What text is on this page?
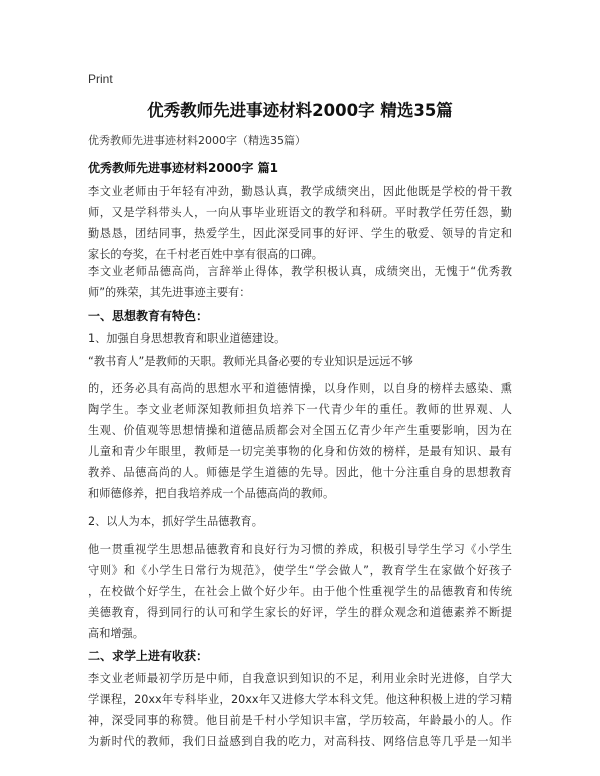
Print
优秀教师先进事迹材料2000字 精选35篇
优秀教师先进事迹材料2000字（精选35篇）
优秀教师先进事迹材料2000字 篇1
李文业老师由于年轻有冲劲，勤恳认真，教学成绩突出，因此他既是学校的骨干教
师，又是学科带头人，一向从事毕业班语文的教学和科研。平时教学任劳任怨，勤
勤恳恳，团结同事，热爱学生，因此深受同事的好评、学生的敬爱、领导的肯定和
家长的夸奖，在千村老百姓中享有很高的口碑。
李文业老师品德高尚，言辞举止得体，教学积极认真，成绩突出，无愧于“优秀教
师”的殊荣，其先进事迹主要有：
一、思想教育有特色：
1、加强自身思想教育和职业道德建设。
“教书育人”是教师的天职。教师光具备必要的专业知识是远远不够
的，还务必具有高尚的思想水平和道德情操，以身作则，以自身的榜样去感染、熏
陶学生。李文业老师深知教师担负培养下一代青少年的重任。教师的世界观、人
生观、价值观等思想情操和道德品质都会对全国五亿青少年产生重要影响，因为在
儿童和青少年眼里，教师是一切完美事物的化身和仿效的榜样，是最有知识、最有
教养、品德高尚的人。师德是学生道德的先导。因此，他十分注重自身的思想教育
和师德修养，把自我培养成一个品德高尚的教师。
2、以人为本，抓好学生品德教育。
他一贯重视学生思想品德教育和良好行为习惯的养成，积极引导学生学习《小学生
守则》和《小学生日常行为规范》，使学生“学会做人”，教育学生在家做个好孩子
，在校做个好学生，在社会上做个好少年。由于他个性重视学生的品德教育和传统
美德教育，得到同行的认可和学生家长的好评，学生的群众观念和道德素养不断提
高和增强。
二、求学上进有收获：
李文业老师最初学历是中师，自我意识到知识的不足，利用业余时光进修，自学大
学课程，20xx年专科毕业，20xx年又进修大学本科文凭。他这种积极上进的学习精
神，深受同事的称赞。他目前是千村小学知识丰富，学历较高，年龄最小的人。作
为新时代的教师，我们日益感到自我的吃力，对高科技、网络信息等几乎是一知半
